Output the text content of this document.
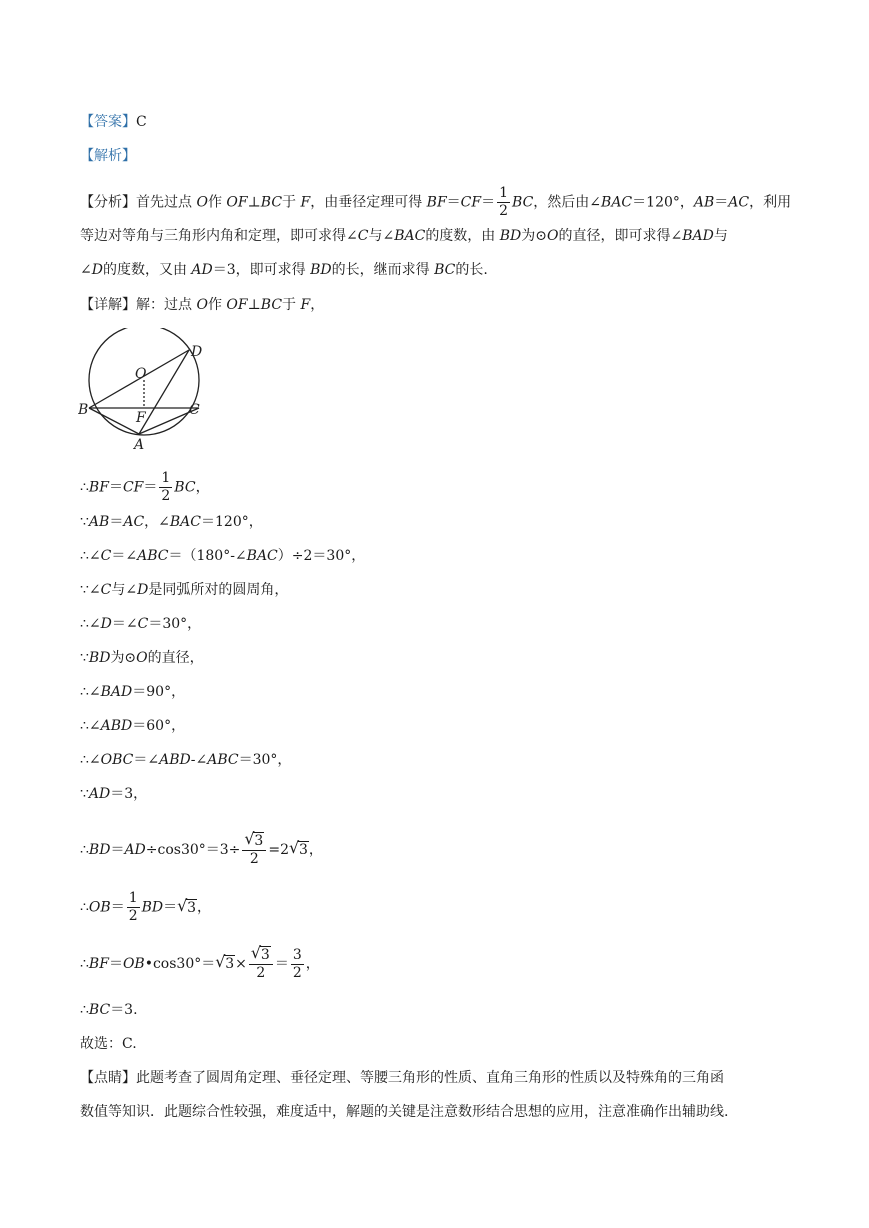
【答案】C
【解析】
【分析】首先过点 O作 OF⊥BC于 F，由垂径定理可得 $BF=CF= \frac{1}{2}$ BC，然后由∠BAC＝120°，AB＝AC，利用
等边对等角与三角形内角和定理，即可求得∠C与∠BAC的度数，由 BD为⊙O的直径，即可求得∠BAD与
∠D的度数，又由 AD＝3，即可求得 BD的长，继而求得 BC的长.
【详解】解：过点 O作 OF⊥BC于 F，
D
O
B	F	C
A
∴BF＝CF＝ $\frac{1}{2}$ BC，
∵AB＝AC，∠BAC＝120°，
∴∠C＝∠ABC＝（180°-∠BAC）÷2＝30°，
∵∠C与∠D是同弧所对的圆周角，
∴∠D＝∠C＝30°，
∵BD为⊙O的直径，
∴∠BAD＝90°，
∴∠ABD＝60°，
∴∠OBC＝∠ABD-∠ABC＝30°，
∵AD＝3，
∴BD＝AD÷cos30°＝3÷ $\frac{√ 3}{2} =2$ √ 3，
∴OB＝ $\frac{1}{2} BD=$ √ 3，
∴BF＝OB•cos30°＝ √ $3\times \frac{√ 3}{2} = \frac{3}{2}$ ，
∴BC＝3.
故选：C.
【点睛】此题考查了圆周角定理、垂径定理、等腰三角形的性质、直角三角形的性质以及特殊角的三角函
数值等知识．此题综合性较强，难度适中，解题的关键是注意数形结合思想的应用，注意准确作出辅助线.
